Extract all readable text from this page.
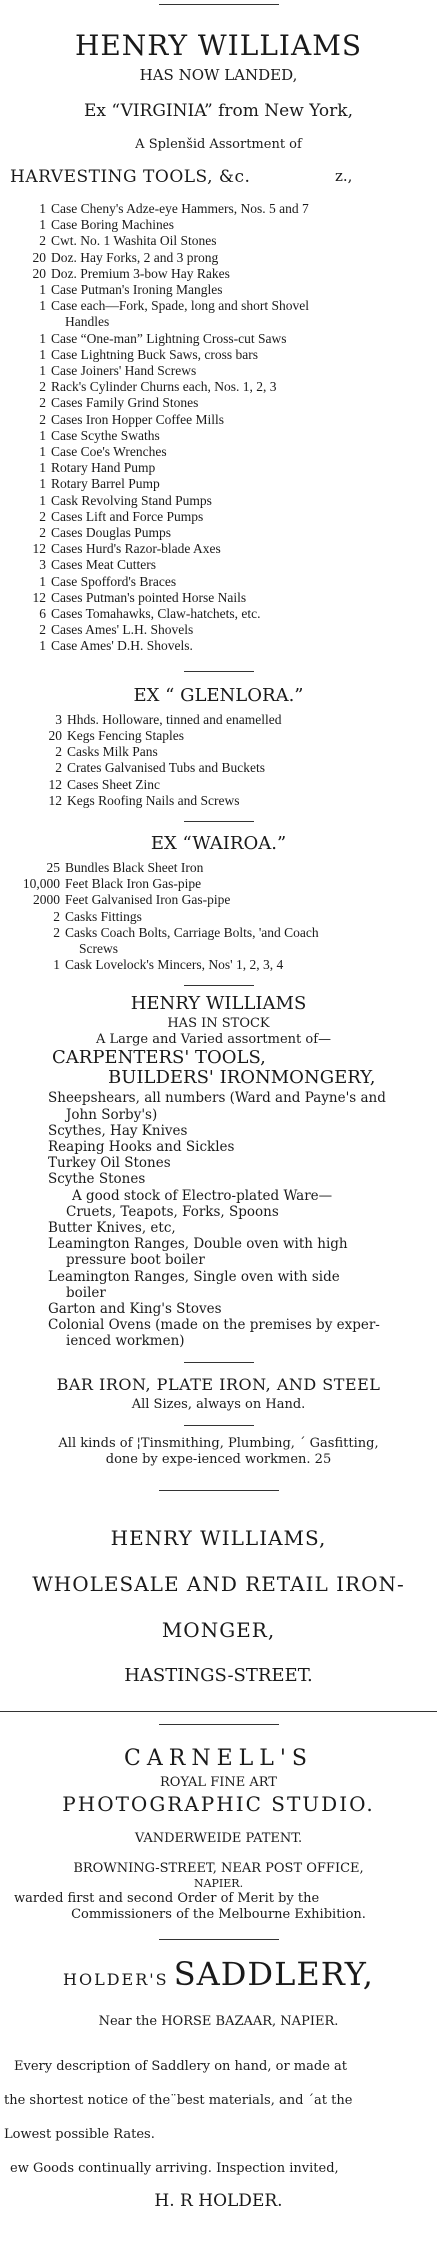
HENRY WILLIAMS

HAS NOW LANDED,

Ex “VIRGINIA” from New York,

A Splenšid Assortment of

HARVESTING TOOLS, &c.	z.,
1 Case Cheny's Adze-eye Hammers, Nos. 5 and 7
1 Case Boring Machines
2 Cwt. No. 1 Washita Oil Stones
20 Doz. Hay Forks, 2 and 3 prong
20 Doz. Premium 3-bow Hay Rakes
1 Case Putman's Ironing Mangles
1 Case each—Fork, Spade, long and short Shovel
Handles
1 Case “One-man” Lightning Cross-cut Saws
1 Case Lightning Buck Saws, cross bars
1 Case Joiners' Hand Screws
2 Rack's Cylinder Churns each, Nos. 1, 2, 3
2 Cases Family Grind Stones
2 Cases Iron Hopper Coffee Mills
1 Case Scythe Swaths
1 Case Coe's Wrenches
1 Rotary Hand Pump
1 Rotary Barrel Pump
1 Cask Revolving Stand Pumps
2 Cases Lift and Force Pumps
2 Cases Douglas Pumps
12 Cases Hurd's Razor-blade Axes
3 Cases Meat Cutters
1 Case Spofford's Braces
12 Cases Putman's pointed Horse Nails
6 Cases Tomahawks, Claw-hatchets, etc.
2 Cases Ames' L.H. Shovels
1 Case Ames' D.H. Shovels.

EX “ GLENLORA.”

3 Hhds. Holloware, tinned and enamelled
20 Kegs Fencing Staples
2 Casks Milk Pans
2 Crates Galvanised Tubs and Buckets
12 Cases Sheet Zinc
12 Kegs Roofing Nails and Screws

EX “WAIROA.”

25 Bundles Black Sheet Iron
10,000 Feet Black Iron Gas-pipe
2000 Feet Galvanised Iron Gas-pipe
2 Casks Fittings
2 Casks Coach Bolts, Carriage Bolts, 'and Coach
Screws
1 Cask Lovelock's Mincers, Nos' 1, 2, 3, 4

HENRY WILLIAMS

HAS IN STOCK

A Large and Varied assortment of—

CARPENTERS' TOOLS,

BUILDERS' IRONMONGERY,

Sheepshears, all numbers (Ward and Payne's and
John Sorby's)
Scythes, Hay Knives
Reaping Hooks and Sickles
Turkey Oil Stones
Scythe Stones
A good stock of Electro-plated Ware—
Cruets, Teapots, Forks, Spoons
Butter Knives, etc,
Leamington Ranges, Double oven with high
pressure boot boiler
Leamington Ranges, Single oven with side
boiler
Garton and King's Stoves
Colonial Ovens (made on the premises by exper-
ienced workmen)

BAR IRON, PLATE IRON, AND STEEL

All Sizes, always on Hand.

All kinds of ¦Tinsmithing, Plumbing, ´ Gasfitting,

done by expe-ienced workmen. 25

HENRY WILLIAMS,

WHOLESALE AND RETAIL IRON-

MONGER,

HASTINGS-STREET.

CARNELL'S

ROYAL FINE ART

PHOTOGRAPHIC STUDIO.

VANDERWEIDE PATENT.

BROWNING-STREET, NEAR POST OFFICE,

NAPIER.

warded first and second Order of Merit by the

Commissioners of the Melbourne Exhibition.

HOLDER'S SADDLERY,

Near the HORSE BAZAAR, NAPIER.

Every description of Saddlery on hand, or made at

the shortest notice of the¨best materials, and ´at the

Lowest possible Rates.

ew Goods continually arriving. Inspection invited,

H. R HOLDER.
